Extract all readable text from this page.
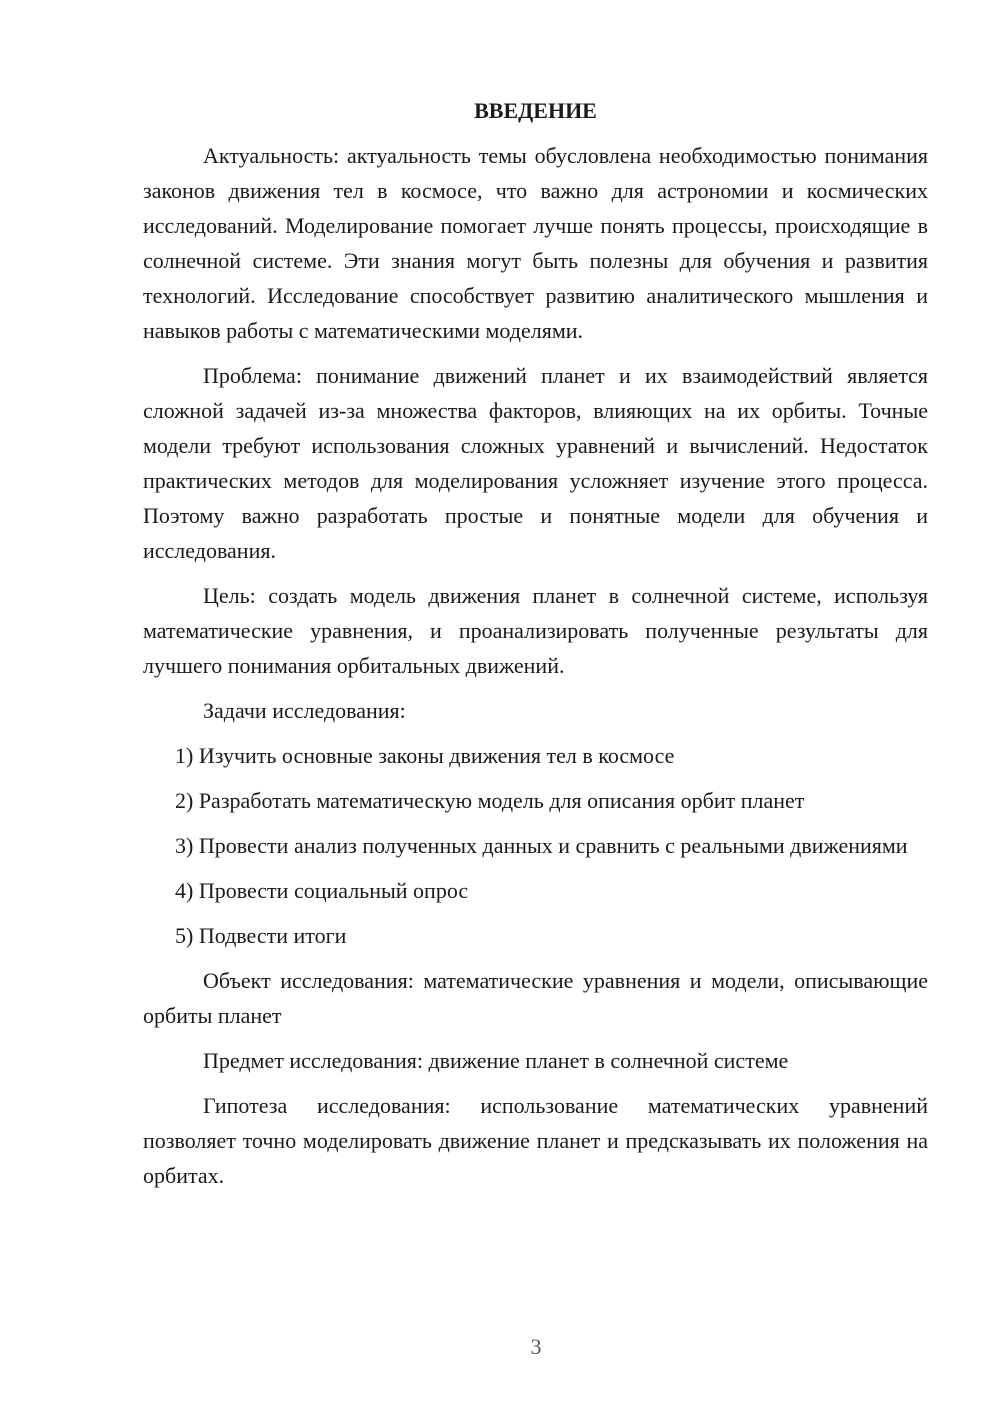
ВВЕДЕНИЕ

Актуальность: актуальность темы обусловлена необходимостью понимания законов движения тел в космосе, что важно для астрономии и космических исследований. Моделирование помогает лучше понять процессы, происходящие в солнечной системе. Эти знания могут быть полезны для обучения и развития технологий. Исследование способствует развитию аналитического мышления и навыков работы с математическими моделями.

Проблема: понимание движений планет и их взаимодействий является сложной задачей из-за множества факторов, влияющих на их орбиты. Точные модели требуют использования сложных уравнений и вычислений. Недостаток практических методов для моделирования усложняет изучение этого процесса. Поэтому важно разработать простые и понятные модели для обучения и исследования.

Цель: создать модель движения планет в солнечной системе, используя математические уравнения, и проанализировать полученные результаты для лучшего понимания орбитальных движений.

Задачи исследования:

1) Изучить основные законы движения тел в космосе

2) Разработать математическую модель для описания орбит планет

3) Провести анализ полученных данных и сравнить с реальными движениями

4) Провести социальный опрос

5) Подвести итоги

Объект исследования: математические уравнения и модели, описывающие орбиты планет

Предмет исследования: движение планет в солнечной системе

Гипотеза исследования: использование математических уравнений позволяет точно моделировать движение планет и предсказывать их положения на орбитах.

3
